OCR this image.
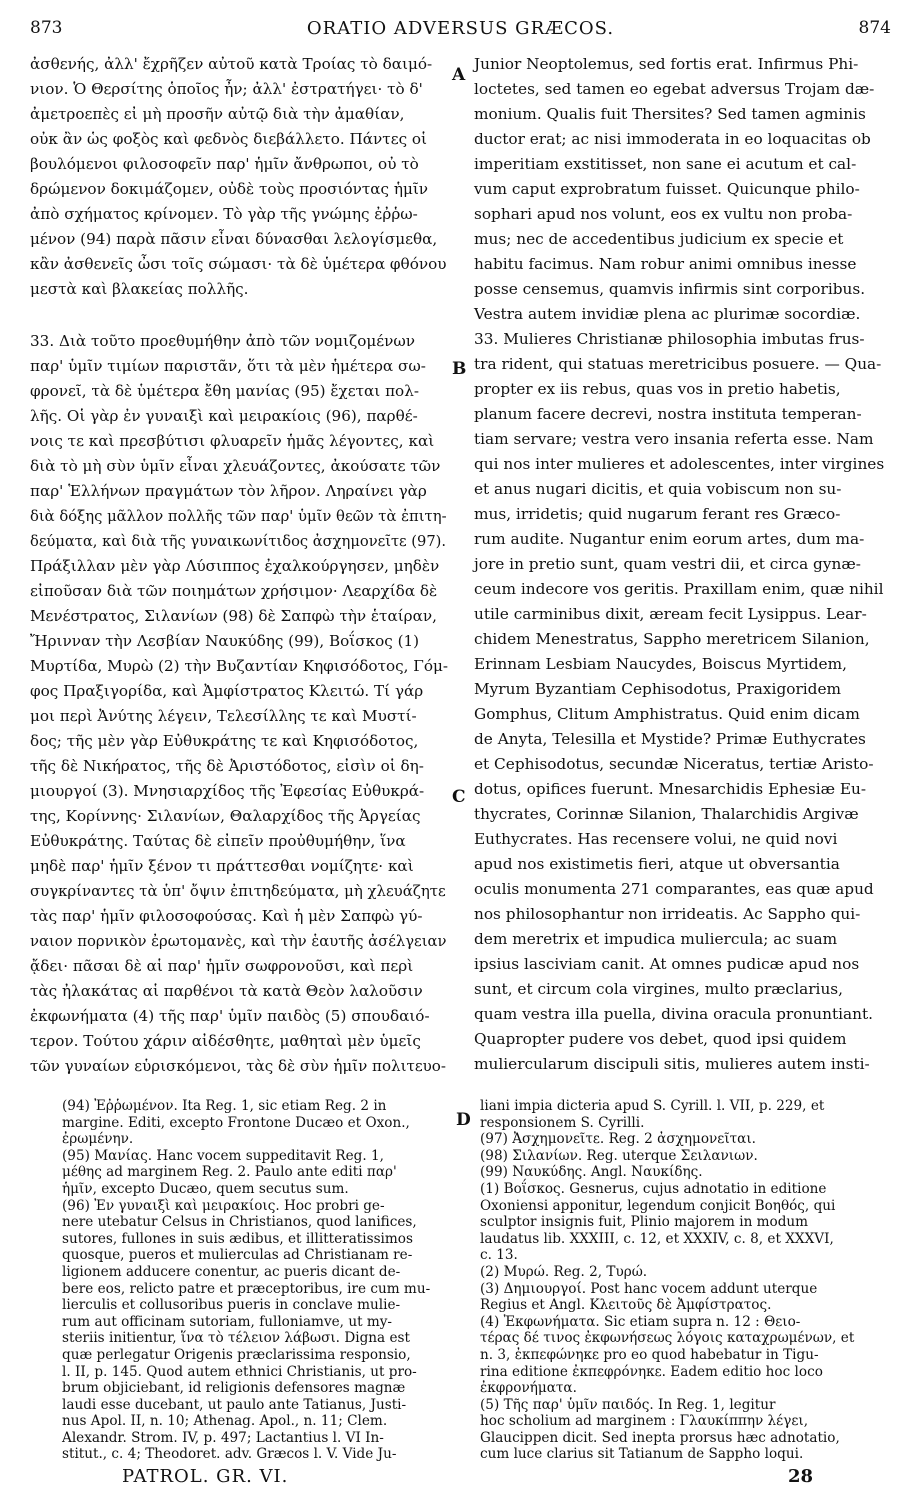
873	ORATIO ADVERSUS GRÆCOS.	874
ἀσθενής, ἀλλ' ἔχρῆζεν αὐτοῦ κατὰ Τροίας τὸ δαιμό-
νιον. Ὁ Θερσίτης ὁποῖος ἦν; ἀλλ' ἐστρατήγει· τὸ δ'
ἀμετροεπὲς εἰ μὴ προσῆν αὐτῷ διὰ τὴν ἀμαθίαν,
οὐκ ἂν ὡς φοξὸς καὶ φεδνὸς διεβάλλετο. Πάντες οἱ
βουλόμενοι φιλοσοφεῖν παρ' ἡμῖν ἄνθρωποι, οὐ τὸ
δρώμενον δοκιμάζομεν, οὐδὲ τοὺς προσιόντας ἡμῖν
ἀπὸ σχήματος κρίνομεν. Τὸ γὰρ τῆς γνώμης ἐῤῥω-
μένον (94) παρὰ πᾶσιν εἶναι δύνασθαι λελογίσμεθα,
κἂν ἀσθενεῖς ὦσι τοῖς σώμασι· τὰ δὲ ὑμέτερα φθόνου
μεστὰ καὶ βλακείας πολλῆς.
33. Διὰ τοῦτο προεθυμήθην ἀπὸ τῶν νομιζομένων
παρ' ὑμῖν τιμίων παριστᾶν, ὅτι τὰ μὲν ἡμέτερα σω-
φρονεῖ, τὰ δὲ ὑμέτερα ἔθη μανίας (95) ἔχεται πολ-
λῆς. Οἱ γὰρ ἐν γυναιξὶ καὶ μειρακίοις (96), παρθέ-
νοις τε καὶ πρεσβύτισι φλυαρεῖν ἡμᾶς λέγοντες, καὶ
διὰ τὸ μὴ σὺν ὑμῖν εἶναι χλευάζοντες, ἀκούσατε τῶν
παρ' Ἑλλήνων πραγμάτων τὸν λῆρον. Ληραίνει γὰρ
διὰ δόξης μᾶλλον πολλῆς τῶν παρ' ὑμῖν θεῶν τὰ ἐπιτη-
δεύματα, καὶ διὰ τῆς γυναικωνίτιδος ἀσχημονεῖτε (97).
Πράξιλλαν μὲν γὰρ Λύσιππος ἐχαλκούργησεν, μηδὲν
εἰποῦσαν διὰ τῶν ποιημάτων χρήσιμον· Λεαρχίδα δὲ
Μενέστρατος, Σιλανίων (98) δὲ Σαπφὼ τὴν ἑταίραν,
Ἤρινναν τὴν Λεσβίαν Ναυκύδης (99), Βοΐσκος (1)
Μυρτίδα, Μυρὼ (2) τὴν Βυζαντίαν Κηφισόδοτος, Γόμ-
φος Πραξιγορίδα, καὶ Ἀμφίστρατος Κλειτώ. Τί γάρ
μοι περὶ Ἀνύτης λέγειν, Τελεσίλλης τε καὶ Μυστί-
δος; τῆς μὲν γὰρ Εὐθυκράτης τε καὶ Κηφισόδοτος,
τῆς δὲ Νικήρατος, τῆς δὲ Ἀριστόδοτος, εἰσὶν οἱ δη-
μιουργοί (3). Μνησιαρχίδος τῆς Ἐφεσίας Εὐθυκρά-
της, Κορίννης· Σιλανίων, Θαλαρχίδος τῆς Ἀργείας
Εὐθυκράτης. Ταύτας δὲ εἰπεῖν προὐθυμήθην, ἵνα
μηδὲ παρ' ἡμῖν ξένον τι πράττεσθαι νομίζητε· καὶ
συγκρίναντες τὰ ὑπ' ὄψιν ἐπιτηδεύματα, μὴ χλευάζητε
τὰς παρ' ἡμῖν φιλοσοφούσας. Καὶ ἡ μὲν Σαπφὼ γύ-
ναιον πορνικὸν ἐρωτομανὲς, καὶ τὴν ἑαυτῆς ἀσέλγειαν
ᾄδει· πᾶσαι δὲ αἱ παρ' ἡμῖν σωφρονοῦσι, καὶ περὶ
τὰς ἠλακάτας αἱ παρθένοι τὰ κατὰ Θεὸν λαλοῦσιν
ἐκφωνήματα (4) τῆς παρ' ὑμῖν παιδὸς (5) σπουδαιό-
τερον. Τούτου χάριν αἰδέσθητε, μαθηταὶ μὲν ὑμεῖς
τῶν γυναίων εὑρισκόμενοι, τὰς δὲ σὺν ἡμῖν πολιτευο-
Junior Neoptolemus, sed fortis erat. Infirmus Phi-
loctetes, sed tamen eo egebat adversus Trojam dæ-
monium. Qualis fuit Thersites? Sed tamen agminis
ductor erat; ac nisi immoderata in eo loquacitas ob
imperitiam exstitisset, non sane ei acutum et cal-
vum caput exprobratum fuisset. Quicunque philo-
sophari apud nos volunt, eos ex vultu non proba-
mus; nec de accedentibus judicium ex specie et
habitu facimus. Nam robur animi omnibus inesse
posse censemus, quamvis infirmis sint corporibus.
Vestra autem invidiæ plena ac plurimæ socordiæ.
33. Mulieres Christianæ philosophia imbutas frus-
tra rident, qui statuas meretricibus posuere. — Qua-
propter ex iis rebus, quas vos in pretio habetis,
planum facere decrevi, nostra instituta temperan-
tiam servare; vestra vero insania referta esse. Nam
qui nos inter mulieres et adolescentes, inter virgines
et anus nugari dicitis, et quia vobiscum non su-
mus, irridetis; quid nugarum ferant res Græco-
rum audite. Nugantur enim eorum artes, dum ma-
jore in pretio sunt, quam vestri dii, et circa gynæ-
ceum indecore vos geritis. Praxillam enim, quæ nihil
utile carminibus dixit, æream fecit Lysippus. Lear-
chidem Menestratus, Sappho meretricem Silanion,
Erinnam Lesbiam Naucydes, Boiscus Myrtidem,
Myrum Byzantiam Cephisodotus, Praxigoridem
Gomphus, Clitum Amphistratus. Quid enim dicam
de Anyta, Telesilla et Mystide? Primæ Euthycrates
et Cephisodotus, secundæ Niceratus, tertiæ Aristo-
dotus, opifices fuerunt. Mnesarchidis Ephesiæ Eu-
thycrates, Corinnæ Silanion, Thalarchidis Argivæ
Euthycrates. Has recensere volui, ne quid novi
apud nos existimetis fieri, atque ut obversantia
oculis monumenta 271 comparantes, eas quæ apud
nos philosophantur non irrideatis. Ac Sappho qui-
dem meretrix et impudica muliercula; ac suam
ipsius lasciviam canit. At omnes pudicæ apud nos
sunt, et circum cola virgines, multo præclarius,
quam vestra illa puella, divina oracula pronuntiant.
Quapropter pudere vos debet, quod ipsi quidem
muliercularum discipuli sitis, mulieres autem insti-
A
B
C
D
(94) Ἐῤῥωμένον. Ita Reg. 1, sic etiam Reg. 2 in
margine. Editi, excepto Frontone Ducæo et Oxon.,
ἐρωμένην.
(95) Μανίας. Hanc vocem suppeditavit Reg. 1,
μέθης ad marginem Reg. 2. Paulo ante editi παρ'
ἡμῖν, excepto Ducæo, quem secutus sum.
(96) Ἐν γυναιξὶ καὶ μειρακίοις. Hoc probri ge-
nere utebatur Celsus in Christianos, quod lanifices,
sutores, fullones in suis ædibus, et illitteratissimos
quosque, pueros et mulierculas ad Christianam re-
ligionem adducere conentur, ac pueris dicant de-
bere eos, relicto patre et præceptoribus, ire cum mu-
lierculis et collusoribus pueris in conclave mulie-
rum aut officinam sutoriam, fulloniamve, ut my-
steriis initientur, ἵνα τὸ τέλειον λάβωσι. Digna est
quæ perlegatur Origenis præclarissima responsio,
l. II, p. 145. Quod autem ethnici Christianis, ut pro-
brum objiciebant, id religionis defensores magnæ
laudi esse ducebant, ut paulo ante Tatianus, Justi-
nus Apol. II, n. 10; Athenag. Apol., n. 11; Clem.
Alexandr. Strom. IV, p. 497; Lactantius l. VI In-
stitut., c. 4; Theodoret. adv. Græcos l. V. Vide Ju-
liani impia dicteria apud S. Cyrill. l. VII, p. 229, et
responsionem S. Cyrilli.
(97) Ἀσχημονεῖτε. Reg. 2 ἀσχημονεῖται.
(98) Σιλανίων. Reg. uterque Σειλανιων.
(99) Ναυκύδης. Angl. Ναυκίδης.
(1) Βοΐσκος. Gesnerus, cujus adnotatio in editione
Oxoniensi apponitur, legendum conjicit Βοηθός, qui
sculptor insignis fuit, Plinio majorem in modum
laudatus lib. XXXIII, c. 12, et XXXIV, c. 8, et XXXVI,
c. 13.
(2) Μυρώ. Reg. 2, Τυρώ.
(3) Δημιουργοί. Post hanc vocem addunt uterque
Regius et Angl. Κλειτοῦς δὲ Ἀμφίστρατος.
(4) Ἐκφωνήματα. Sic etiam supra n. 12 : Θειο-
τέρας δέ τινος ἐκφωνήσεως λόγοις καταχρωμένων, et
n. 3, ἐκπεφώνηκε pro eo quod habebatur in Tigu-
rina editione ἐκπεφρόνηκε. Eadem editio hoc loco
ἐκφρονήματα.
(5) Τῆς παρ' ὑμῖν παιδός. In Reg. 1, legitur
hoc scholium ad marginem : Γλαυκίππην λέγει,
Glaucippen dicit. Sed inepta prorsus hæc adnotatio,
cum luce clarius sit Tatianum de Sappho loqui.
PATROL. GR. VI.	28
